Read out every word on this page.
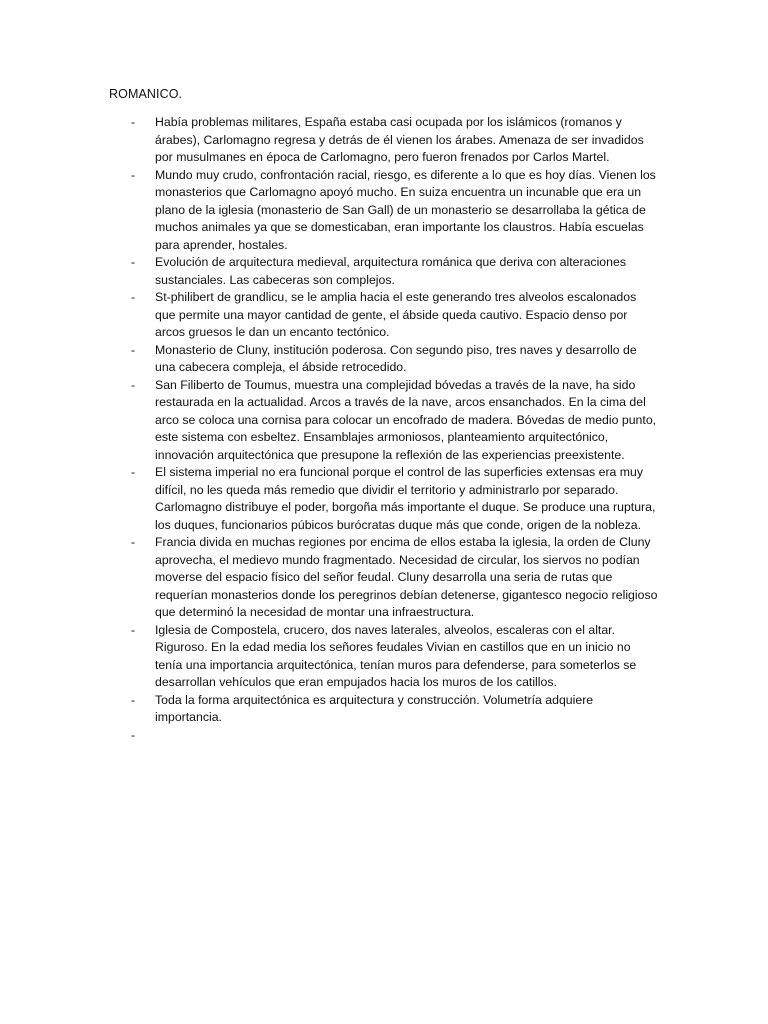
ROMANICO.
- Había problemas militares, España estaba casi ocupada por los islámicos (romanos y árabes), Carlomagno regresa y detrás de él vienen los árabes. Amenaza de ser invadidos por musulmanes en época de Carlomagno, pero fueron frenados por Carlos Martel.
- Mundo muy crudo, confrontación racial, riesgo, es diferente a lo que es hoy días. Vienen los monasterios que Carlomagno apoyó mucho. En suiza encuentra un incunable que era un plano de la iglesia (monasterio de San Gall) de un monasterio se desarrollaba la gética de muchos animales ya que se domesticaban, eran importante los claustros. Había escuelas para aprender, hostales.
- Evolución de arquitectura medieval, arquitectura románica que deriva con alteraciones sustanciales. Las cabeceras son complejos.
- St-philibert de grandlicu, se le amplia hacia el este generando tres alveolos escalonados que permite una mayor cantidad de gente, el ábside queda cautivo. Espacio denso por arcos gruesos le dan un encanto tectónico.
- Monasterio de Cluny, institución poderosa. Con segundo piso, tres naves y desarrollo de una cabecera compleja, el ábside retrocedido.
- San Filiberto de Toumus, muestra una complejidad bóvedas a través de la nave, ha sido restaurada en la actualidad. Arcos a través de la nave, arcos ensanchados. En la cima del arco se coloca una cornisa para colocar un encofrado de madera. Bóvedas de medio punto, este sistema con esbeltez. Ensamblajes armoniosos, planteamiento arquitectónico, innovación arquitectónica que presupone la reflexión de las experiencias preexistente.
- El sistema imperial no era funcional porque el control de las superficies extensas era muy difícil, no les queda más remedio que dividir el territorio y administrarlo por separado. Carlomagno distribuye el poder, borgoña más importante el duque. Se produce una ruptura, los duques, funcionarios púbicos burócratas duque más que conde, origen de la nobleza.
- Francia divida en muchas regiones por encima de ellos estaba la iglesia, la orden de Cluny aprovecha, el medievo mundo fragmentado. Necesidad de circular, los siervos no podían moverse del espacio físico del señor feudal. Cluny desarrolla una seria de rutas que requerían monasterios donde los peregrinos debían detenerse, gigantesco negocio religioso que determinó la necesidad de montar una infraestructura.
- Iglesia de Compostela, crucero, dos naves laterales, alveolos, escaleras con el altar. Riguroso. En la edad media los señores feudales Vivian en castillos que en un inicio no tenía una importancia arquitectónica, tenían muros para defenderse, para someterlos se desarrollan vehículos que eran empujados hacia los muros de los catillos.
- Toda la forma arquitectónica es arquitectura y construcción. Volumetría adquiere importancia.
-
